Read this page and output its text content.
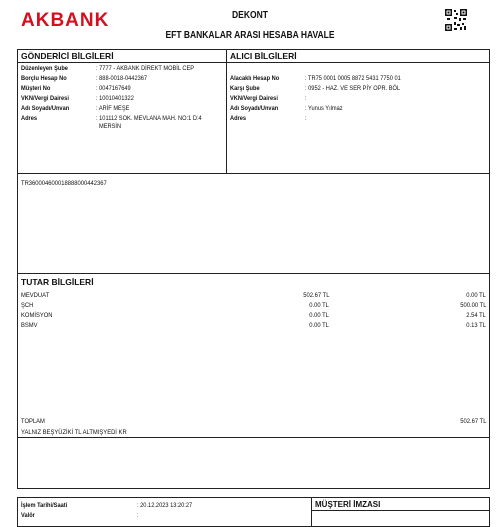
AKBANK	DEKONT
EFT BANKALAR ARASI HESABA HAVALE
GÖNDERİCİ BİLGİLERİ
Düzenleyen Şube	: 7777 - AKBANK DİREKT MOBİL CEP
Borçlu Hesap No	: 888-0018-0442367
Müşteri No	: 0047167649
VKN/Vergi Dairesi	: 10010401322
Adı Soyadı/Unvan	: ARİF MEŞE
Adres	: 101112 SOK. MEVLANA MAH. NO:1 D:4
MERSİN
ALICI BİLGİLERİ
Alacaklı Hesap No	: TR75 0001 0005 8872 5431 7750 01
Karşı Şube	: 0952 - HAZ. VE SER PİY OPR. BÖL
VKN/Vergi Dairesi	:
Adı Soyadı/Unvan	: Yunus Yılmaz
Adres	:
TR360004600018888000442367
TUTAR BİLGİLERİ
MEVDUAT	502.67 TL	0.00 TL
ŞCH	0.00 TL	500.00 TL
KOMİSYON	0.00 TL	2.54 TL
BSMV	0.00 TL	0.13 TL
TOPLAM	502.67 TL
YALNIZ BEŞYÜZİKİ TL ALTMIŞYEDİ KR
İşlem Tarihi/Saati	: 20.12.2023 13:20:27
Valör	:
MÜŞTERİ İMZASI
